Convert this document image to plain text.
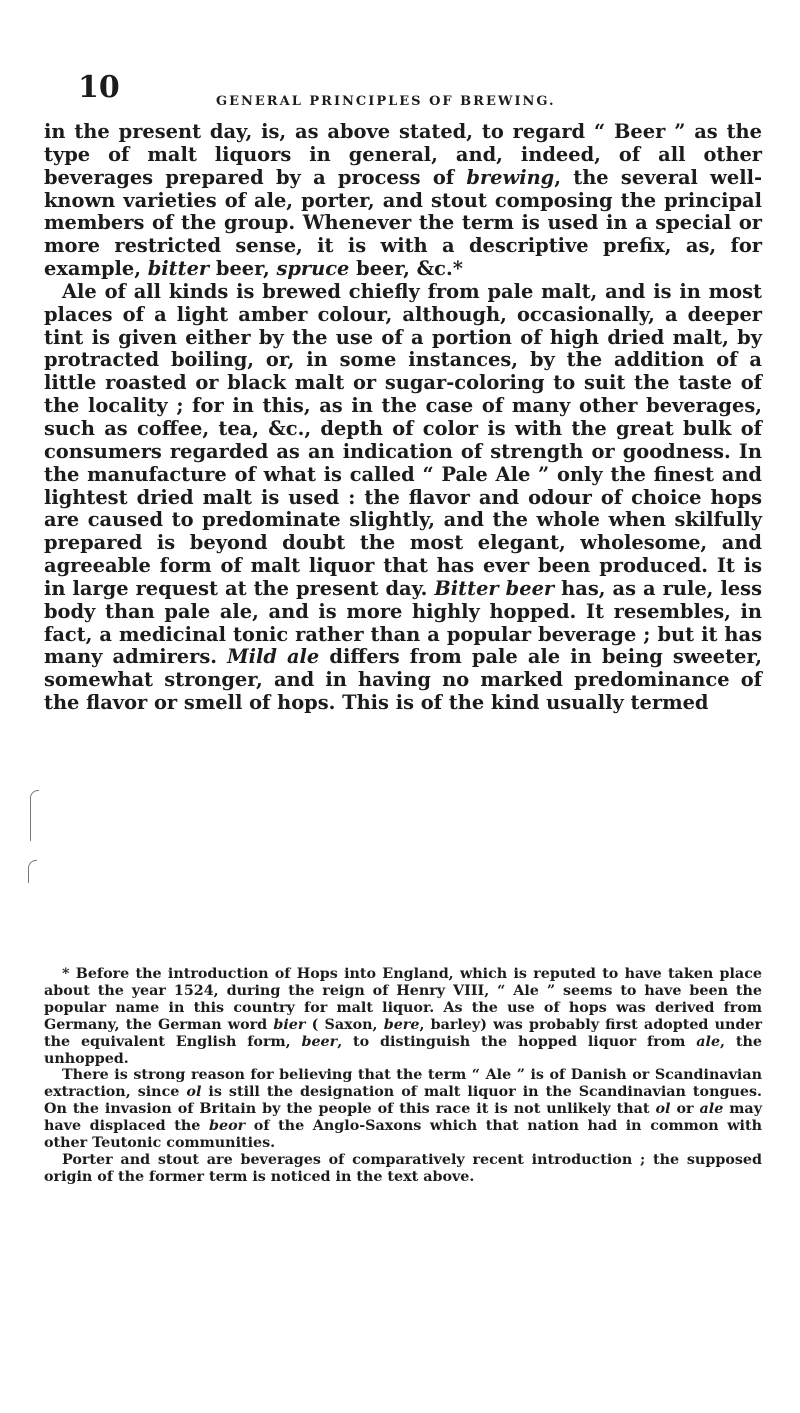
10	GENERAL PRINCIPLES OF BREWING.

in the present day, is, as above stated, to regard “ Beer ” as the type of malt liquors in general, and, indeed, of all other beverages prepared by a process of brewing, the several well-known varieties of ale, porter, and stout composing the principal members of the group. Whenever the term is used in a special or more restricted sense, it is with a descriptive prefix, as, for example, bitter beer, spruce beer, &c.*

Ale of all kinds is brewed chiefly from pale malt, and is in most places of a light amber colour, although, occasionally, a deeper tint is given either by the use of a portion of high dried malt, by protracted boiling, or, in some instances, by the addition of a little roasted or black malt or sugar-coloring to suit the taste of the locality ; for in this, as in the case of many other beverages, such as coffee, tea, &c., depth of color is with the great bulk of consumers regarded as an indication of strength or goodness. In the manufacture of what is called “ Pale Ale ” only the finest and lightest dried malt is used : the flavor and odour of choice hops are caused to predominate slightly, and the whole when skilfully prepared is beyond doubt the most elegant, wholesome, and agreeable form of malt liquor that has ever been produced. It is in large request at the present day. Bitter beer has, as a rule, less body than pale ale, and is more highly hopped. It resembles, in fact, a medicinal tonic rather than a popular beverage ; but it has many admirers. Mild ale differs from pale ale in being sweeter, somewhat stronger, and in having no marked predominance of the flavor or smell of hops. This is of the kind usually termed

* Before the introduction of Hops into England, which is reputed to have taken place about the year 1524, during the reign of Henry VIII, “ Ale ” seems to have been the popular name in this country for malt liquor. As the use of hops was derived from Germany, the German word bier ( Saxon, bere, barley) was probably first adopted under the equivalent English form, beer, to distinguish the hopped liquor from ale, the unhopped.

There is strong reason for believing that the term “ Ale ” is of Danish or Scandinavian extraction, since ol is still the designation of malt liquor in the Scandinavian tongues. On the invasion of Britain by the people of this race it is not unlikely that ol or ale may have displaced the beor of the Anglo-Saxons which that nation had in common with other Teutonic communities.

Porter and stout are beverages of comparatively recent introduction ; the supposed origin of the former term is noticed in the text above.
